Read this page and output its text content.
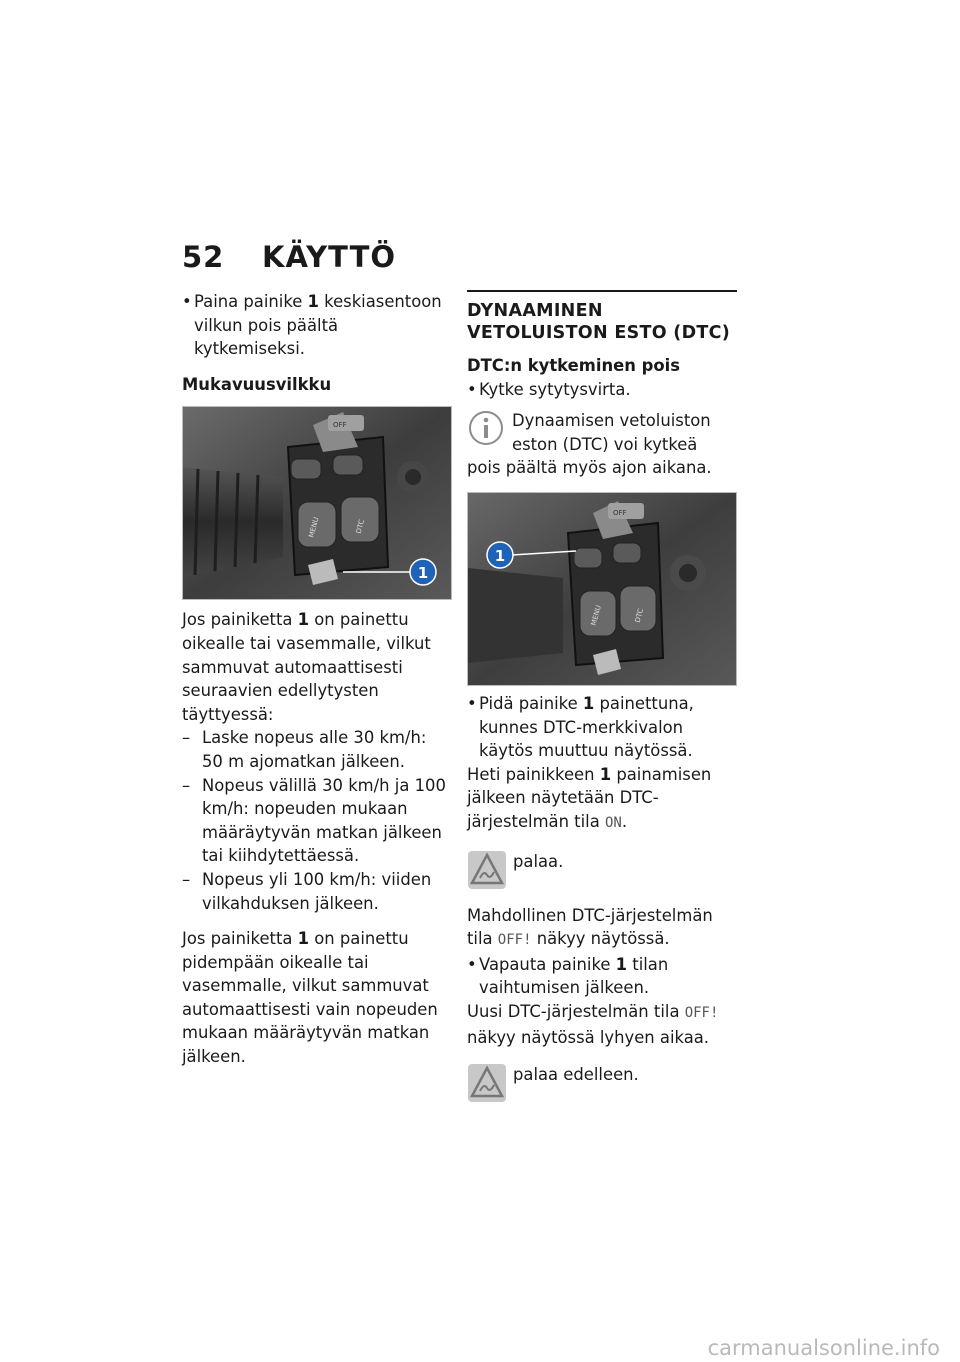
52 KÄYTTÖ

• Paina painike 1 keskiasentoon vilkun pois päältä kytkemiseksi.

Mukavuusvilkku

OFF
MENU	DTC
1

Jos painiketta 1 on painettu oikealle tai vasemmalle, vilkut sammuvat automaattisesti seuraavien edellytysten täyttyessä:

– Laske nopeus alle 30 km/h: 50 m ajomatkan jälkeen.

– Nopeus välillä 30 km/h ja 100 km/h: nopeuden mukaan määräytyvän matkan jälkeen tai kiihdytettäessä.

– Nopeus yli 100 km/h: viiden vilkahduksen jälkeen.

Jos painiketta 1 on painettu pidempään oikealle tai vasemmalle, vilkut sammuvat automaattisesti vain nopeuden mukaan määräytyvän matkan jälkeen.

DYNAAMINEN VETOLUISTON ESTO (DTC)

DTC:n kytkeminen pois

• Kytke sytytysvirta.

Dynaamisen vetoluiston eston (DTC) voi kytkeä

pois päältä myös ajon aikana.

OFF
MENU	DTC
1

• Pidä painike 1 painettuna, kunnes DTC-merkkivalon käytös muuttuu näytössä.

Heti painikkeen 1 painamisen jälkeen näytetään DTC-järjestelmän tila ON.

palaa.

Mahdollinen DTC-järjestelmän tila OFF! näkyy näytössä.

• Vapauta painike 1 tilan vaihtumisen jälkeen.

Uusi DTC-järjestelmän tila OFF! näkyy näytössä lyhyen aikaa.

palaa edelleen.
carmanualsonline.info
